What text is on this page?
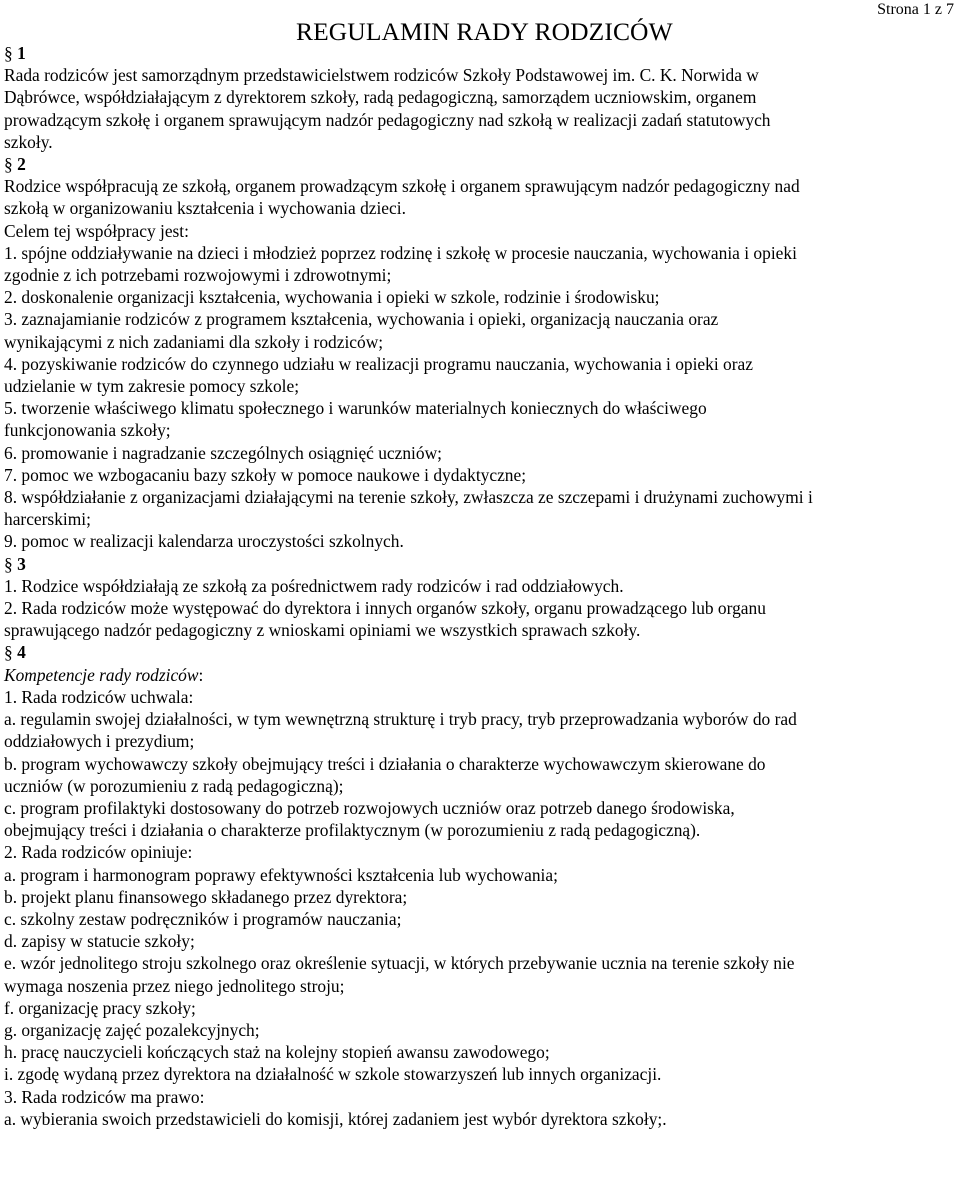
Strona 1 z 7
REGULAMIN RADY RODZICÓW
§ 1
Rada rodziców jest samorządnym przedstawicielstwem rodziców Szkoły Podstawowej im. C. K. Norwida w
Dąbrówce, współdziałającym z dyrektorem szkoły, radą pedagogiczną, samorządem uczniowskim, organem
prowadzącym szkołę i organem sprawującym nadzór pedagogiczny nad szkołą w realizacji zadań statutowych
szkoły.
§ 2
Rodzice współpracują ze szkołą, organem prowadzącym szkołę i organem sprawującym nadzór pedagogiczny nad
szkołą w organizowaniu kształcenia i wychowania dzieci.
Celem tej współpracy jest:
1. spójne oddziaływanie na dzieci i młodzież poprzez rodzinę i szkołę w procesie nauczania, wychowania i opieki
zgodnie z ich potrzebami rozwojowymi i zdrowotnymi;
2. doskonalenie organizacji kształcenia, wychowania i opieki w szkole, rodzinie i środowisku;
3. zaznajamianie rodziców z programem kształcenia, wychowania i opieki, organizacją nauczania oraz
wynikającymi z nich zadaniami dla szkoły i rodziców;
4. pozyskiwanie rodziców do czynnego udziału w realizacji programu nauczania, wychowania i opieki oraz
udzielanie w tym zakresie pomocy szkole;
5. tworzenie właściwego klimatu społecznego i warunków materialnych koniecznych do właściwego
funkcjonowania szkoły;
6. promowanie i nagradzanie szczególnych osiągnięć uczniów;
7. pomoc we wzbogacaniu bazy szkoły w pomoce naukowe i dydaktyczne;
8. współdziałanie z organizacjami działającymi na terenie szkoły, zwłaszcza ze szczepami i drużynami zuchowymi i
harcerskimi;
9. pomoc w realizacji kalendarza uroczystości szkolnych.
§ 3
1. Rodzice współdziałają ze szkołą za pośrednictwem rady rodziców i rad oddziałowych.
2. Rada rodziców może występować do dyrektora i innych organów szkoły, organu prowadzącego lub organu
sprawującego nadzór pedagogiczny z wnioskami opiniami we wszystkich sprawach szkoły.
§ 4
Kompetencje rady rodziców:
1. Rada rodziców uchwala:
a. regulamin swojej działalności, w tym wewnętrzną strukturę i tryb pracy, tryb przeprowadzania wyborów do rad
oddziałowych i prezydium;
b. program wychowawczy szkoły obejmujący treści i działania o charakterze wychowawczym skierowane do
uczniów (w porozumieniu z radą pedagogiczną);
c. program profilaktyki dostosowany do potrzeb rozwojowych uczniów oraz potrzeb danego środowiska,
obejmujący treści i działania o charakterze profilaktycznym (w porozumieniu z radą pedagogiczną).
2. Rada rodziców opiniuje:
a. program i harmonogram poprawy efektywności kształcenia lub wychowania;
b. projekt planu finansowego składanego przez dyrektora;
c. szkolny zestaw podręczników i programów nauczania;
d. zapisy w statucie szkoły;
e. wzór jednolitego stroju szkolnego oraz określenie sytuacji, w których przebywanie ucznia na terenie szkoły nie
wymaga noszenia przez niego jednolitego stroju;
f. organizację pracy szkoły;
g. organizację zajęć pozalekcyjnych;
h. pracę nauczycieli kończących staż na kolejny stopień awansu zawodowego;
i. zgodę wydaną przez dyrektora na działalność w szkole stowarzyszeń lub innych organizacji.
3. Rada rodziców ma prawo:
a. wybierania swoich przedstawicieli do komisji, której zadaniem jest wybór dyrektora szkoły;.
